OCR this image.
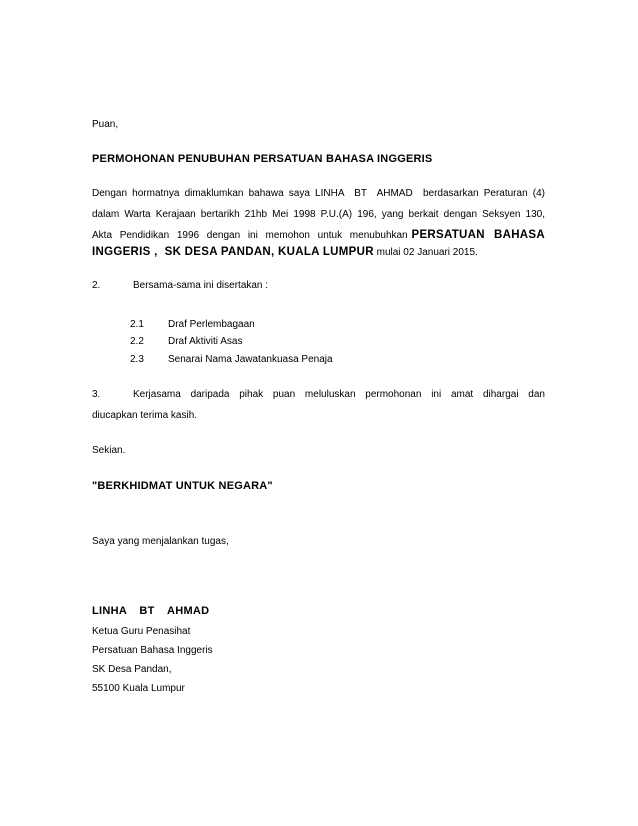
Puan,
PERMOHONAN PENUBUHAN PERSATUAN BAHASA INGGERIS
Dengan hormatnya dimaklumkan bahawa saya LINHA  BT  AHMAD  berdasarkan Peraturan (4)
dalam Warta Kerajaan bertarikh 21hb Mei 1998 P.U.(A) 196, yang berkait dengan Seksyen 130,
Akta  Pendidikan  1996  dengan  ini  memohon  untuk  menubuhkan PERSATUAN  BAHASA
INGGERIS ,  SK DESA PANDAN, KUALA LUMPUR mulai 02 Januari 2015.
2.	Bersama-sama ini disertakan :
2.1 Draf Perlembagaan
2.2 Draf Aktiviti Asas
2.3 Senarai Nama Jawatankuasa Penaja
3.	Kerjasama  daripada  pihak  puan  meluluskan  permohonan  ini  amat  dihargai  dan
diucapkan terima kasih.
Sekian.
"BERKHIDMAT UNTUK NEGARA"
Saya yang menjalankan tugas,
LINHA  BT  AHMAD
Ketua Guru Penasihat
Persatuan Bahasa Inggeris
SK Desa Pandan,
55100 Kuala Lumpur
